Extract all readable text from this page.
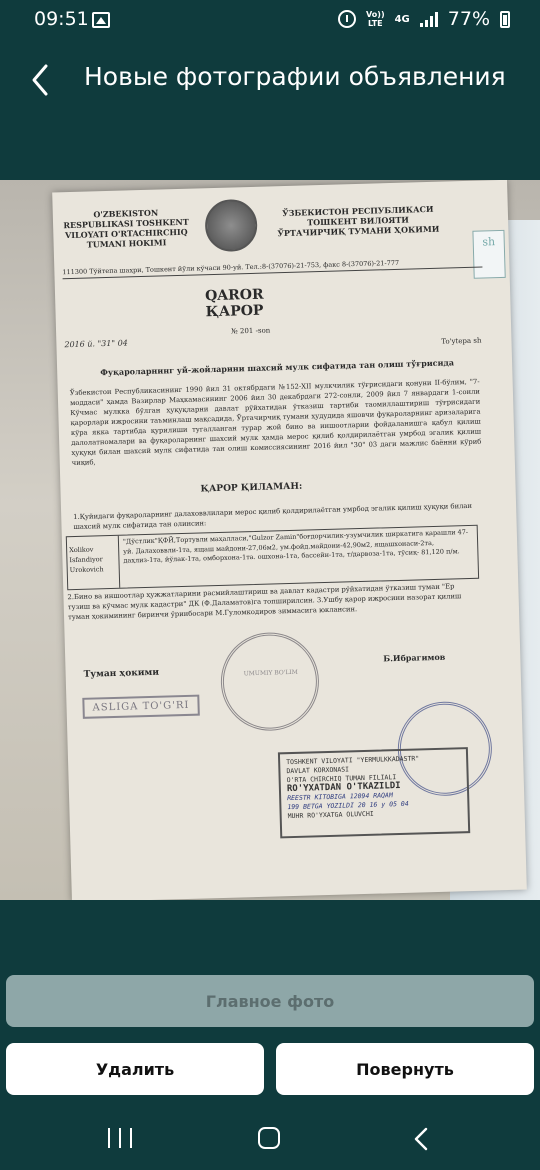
09:51	Vo))
LTE 4G 77%
Новые фотографии объявления
O'ZBEKISTON RESPUBLIKASI TOSHKENT VILOYATI O'RTACHIRCHIQ TUMANI HOKIMI
ЎЗБЕКИСТОН РЕСПУБЛИКАСИ ТОШКЕНТ ВИЛОЯТИ ЎРТАЧИРЧИҚ ТУМАНИ ҲОКИМИ
sh
111300 Тўйтепа шаҳри, Тошкент йўли кўчаси 90-уй. Тел.:8-(37076)-21-753, факс 8-(37076)-21-777
QAROR
ҚАРОР
2016 й. "31" 04
№ 201 -son
To'ytepa sh
Фуқароларнинг уй-жойларини шахсий мулк сифатида тан олиш тўғрисида
Ўзбекистон Республикасининг 1990 йил 31 октябрдаги №152-XII мулкчилик тўғрисидаги қонуни II-бўлим, "7-моддаси" ҳамда Вазирлар Маҳкамасининг 2006 йил 30 декабрдаги 272-сонли, 2009 йил 7 январдаги 1-сонли Кўчмас мулкка бўлган ҳуқуқларни давлат рўйхатидан ўтказиш тартиби таомиллаштириш тўғрисидаги қарорлари ижросини таъминлаш мақсадида, Ўртачирчиқ тумани ҳудудида яшовчи фуқароларнинг аризаларига кўра якка тартибда қурилиши тугалланган турар жой бино ва иншоотларни фойдаланишга қабул қилиш далолатномалари ва фуқароларнинг шахсий мулк ҳамда мерос қилиб қолдирилаётган умрбод эгалик қилиш ҳуқуқи билан шахсий мулк сифатида тан олиш комиссиясининг 2016 йил "30" 03 даги мажлис баённи кўриб чиқиб,
ҚАРОР ҚИЛАМАН:
1.Қуйидаги фуқароларнинг далаховвлилари мерос қилиб қолдирилаётган умрбод эгалик қилиш ҳуқуқи билан шахсий мулк сифатида тан олинсин:
Xolikov Isfandiyor Urokovich
"Дўстлик"ҚФЙ,Тортувли маҳалласи,"Gulzor Zamin"боғдорчилик-узумчилик ширкатига қарашли 47-уй. Далаховвли-1та, ящаш майдони-27,06м2, ум.фойд.майдони-42,90м2, ящашхонаси-2та, даҳлиз-1та, йўлак-1та, омборхона-1та. ошхона-1та, бассейн-1та, т/дарвоза-1та, тўсиқ- 81,120 п/м.
2.Бино ва иншоотлар ҳужжатларини расмийлаштириш ва давлат кадастри рўйхатидан ўтказиш туман "Ер тузиш ва кўчмас мулк кадастри" ДК (Ф.Даламатов)га топширилсин. 3.Ушбу қарор ижросини назорат қилиш туман ҳокимининг биринчи ўринбосари М.Гуломкодиров зиммасига юклансин.
UMUMIY BO'LIM
Туман ҳокими
Б.Ибрагимов
ASLIGA TO'G'RI
TOSHKENT VILOYATI "YERMULKKADASTR"
DAVLAT KORXONASI
O'RTA CHIRCHIQ TUMAN FILIALI
RO'YXATDAN O'TKAZILDI
REESTR KITOBIGA 12094 RAQAM
199 BETGA YOZILDI 20 16 y 05 04
MUHR RO'YXATGA OLUVCHI
Главное фото
Удалить	Повернуть
